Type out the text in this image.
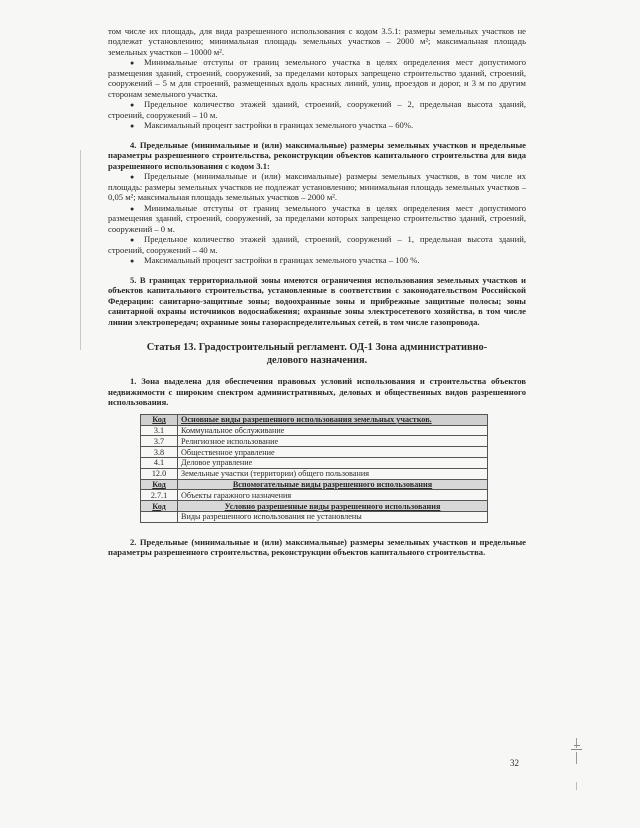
том числе их площадь, для вида разрешенного использования с кодом 3.5.1: размеры земельных участков не подлежат установлению; минимальная площадь земельных участков – 2000 м²; максимальная площадь земельных участков – 10000 м².

● Минимальные отступы от границ земельного участка в целях определения мест допустимого размещения зданий, строений, сооружений, за пределами которых запрещено строительство зданий, строений, сооружений – 5 м для строений, размещенных вдоль красных линий, улиц, проездов и дорог, и 3 м по другим сторонам земельного участка.

● Предельное количество этажей зданий, строений, сооружений – 2, предельная высота зданий, строений, сооружений – 10 м.

● Максимальный процент застройки в границах земельного участка – 60%.

4. Предельные (минимальные и (или) максимальные) размеры земельных участков и предельные параметры разрешенного строительства, реконструкции объектов капитального строительства для вида разрешенного использования с кодом 3.1:

● Предельные (минимальные и (или) максимальные) размеры земельных участков, в том числе их площадь: размеры земельных участков не подлежат установлению; минимальная площадь земельных участков – 0,05 м²; максимальная площадь земельных участков – 2000 м².

● Минимальные отступы от границ земельного участка в целях определения мест допустимого размещения зданий, строений, сооружений, за пределами которых запрещено строительство зданий, строений, сооружений – 0 м.

● Предельное количество этажей зданий, строений, сооружений – 1, предельная высота зданий, строений, сооружений – 40 м.

● Максимальный процент застройки в границах земельного участка – 100 %.

5. В границах территориальной зоны имеются ограничения использования земельных участков и объектов капитального строительства, установленные в соответствии с законодательством Российской Федерации: санитарно-защитные зоны; водоохранные зоны и прибрежные защитные полосы; зоны санитарной охраны источников водоснабжения; охранные зоны электросетевого хозяйства, в том числе линии электропередач; охранные зоны газораспределительных сетей, в том числе газопровода.

Статья 13. Градостроительный регламент. ОД-1 Зона административно-
делового назначения.

1. Зона выделена для обеспечения правовых условий использования и строительства объектов недвижимости с широким спектром административных, деловых и общественных видов разрешенного использования.

Код	Основные виды разрешенного использования земельных участков.
3.1	Коммунальное обслуживание
3.7	Религиозное использование
3.8	Общественное управление
4.1	Деловое управление
12.0	Земельные участки (территории) общего пользования
Код	Вспомогательные виды разрешенного использования
2.7.1	Объекты гаражного назначения
Код	Условно разрешенные виды разрешенного использования
	Виды разрешенного использования не установлены

2. Предельные (минимальные и (или) максимальные) размеры земельных участков и предельные параметры разрешенного строительства, реконструкции объектов капитального строительства.

32
